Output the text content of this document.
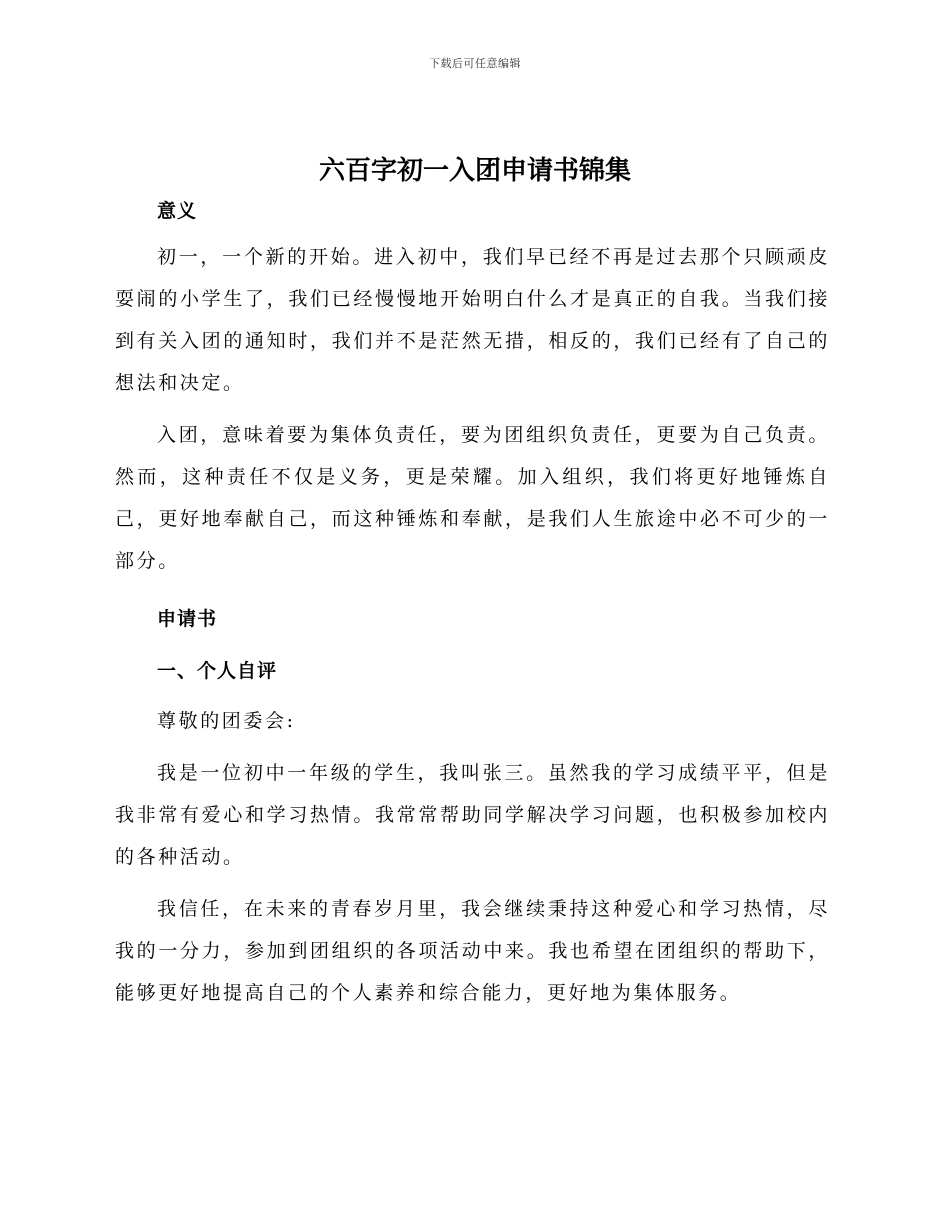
下载后可任意编辑
六百字初一入团申请书锦集

意义

初一，一个新的开始。进入初中，我们早已经不再是过去那个只顾顽皮耍闹的小学生了，我们已经慢慢地开始明白什么才是真正的自我。当我们接到有关入团的通知时，我们并不是茫然无措，相反的，我们已经有了自己的想法和决定。

入团，意味着要为集体负责任，要为团组织负责任，更要为自己负责。然而，这种责任不仅是义务，更是荣耀。加入组织，我们将更好地锤炼自己，更好地奉献自己，而这种锤炼和奉献，是我们人生旅途中必不可少的一部分。

申请书

一、个人自评

尊敬的团委会:

我是一位初中一年级的学生，我叫张三。虽然我的学习成绩平平，但是我非常有爱心和学习热情。我常常帮助同学解决学习问题，也积极参加校内的各种活动。

我信任，在未来的青春岁月里，我会继续秉持这种爱心和学习热情，尽我的一分力，参加到团组织的各项活动中来。我也希望在团组织的帮助下，能够更好地提高自己的个人素养和综合能力，更好地为集体服务。
